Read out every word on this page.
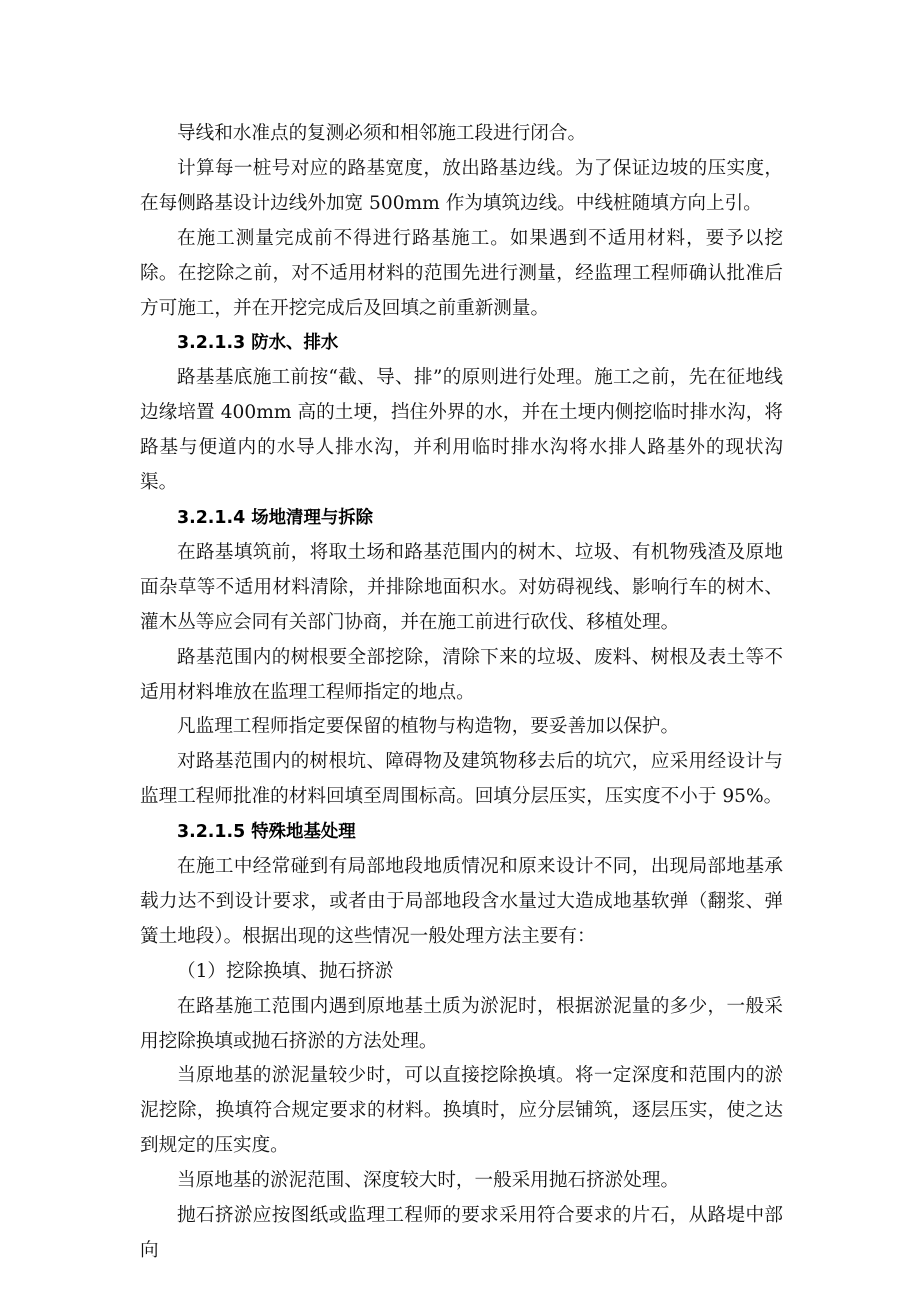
导线和水准点的复测必须和相邻施工段进行闭合。

计算每一桩号对应的路基宽度，放出路基边线。为了保证边坡的压实度，在每侧路基设计边线外加宽 500mm 作为填筑边线。中线桩随填方向上引。

在施工测量完成前不得进行路基施工。如果遇到不适用材料，要予以挖除。在挖除之前，对不适用材料的范围先进行测量，经监理工程师确认批准后方可施工，并在开挖完成后及回填之前重新测量。

3.2.1.3 防水、排水

路基基底施工前按“截、导、排”的原则进行处理。施工之前，先在征地线边缘培置 400mm 高的土埂，挡住外界的水，并在土埂内侧挖临时排水沟，将路基与便道内的水导人排水沟，并利用临时排水沟将水排人路基外的现状沟渠。

3.2.1.4 场地清理与拆除

在路基填筑前，将取土场和路基范围内的树木、垃圾、有机物残渣及原地面杂草等不适用材料清除，并排除地面积水。对妨碍视线、影响行车的树木、灌木丛等应会同有关部门协商，并在施工前进行砍伐、移植处理。

路基范围内的树根要全部挖除，清除下来的垃圾、废料、树根及表土等不适用材料堆放在监理工程师指定的地点。

凡监理工程师指定要保留的植物与构造物，要妥善加以保护。

对路基范围内的树根坑、障碍物及建筑物移去后的坑穴，应采用经设计与监理工程师批准的材料回填至周围标高。回填分层压实，压实度不小于 95%。

3.2.1.5 特殊地基处理

在施工中经常碰到有局部地段地质情况和原来设计不同，出现局部地基承载力达不到设计要求，或者由于局部地段含水量过大造成地基软弹（翻浆、弹簧土地段）。根据出现的这些情况一般处理方法主要有：

（1）挖除换填、抛石挤淤

在路基施工范围内遇到原地基土质为淤泥时，根据淤泥量的多少，一般采用挖除换填或抛石挤淤的方法处理。

当原地基的淤泥量较少时，可以直接挖除换填。将一定深度和范围内的淤泥挖除，换填符合规定要求的材料。换填时，应分层铺筑，逐层压实，使之达到规定的压实度。

当原地基的淤泥范围、深度较大时，一般采用抛石挤淤处理。

抛石挤淤应按图纸或监理工程师的要求采用符合要求的片石，从路堤中部向
